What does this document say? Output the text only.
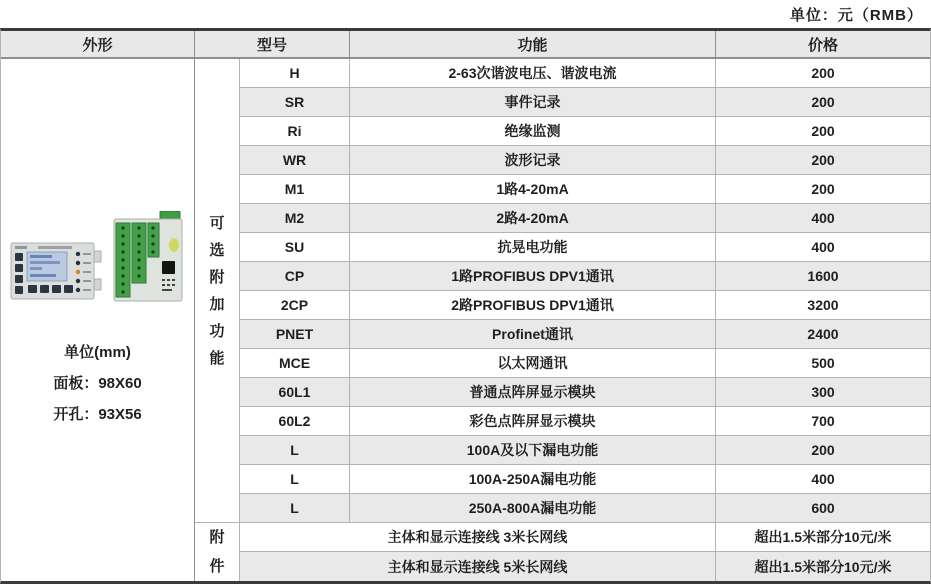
单位：元（RMB）
外形	型号	功能	价格
单位(mm)
面板：98X60
开孔：93X56
可选附加功能
附件
H	2-63次谐波电压、谐波电流	200
SR	事件记录	200
Ri	绝缘监测	200
WR	波形记录	200
M1	1路4-20mA	200
M2	2路4-20mA	400
SU	抗晃电功能	400
CP	1路PROFIBUS DPV1通讯	1600
2CP	2路PROFIBUS DPV1通讯	3200
PNET	Profinet通讯	2400
MCE	以太网通讯	500
60L1	普通点阵屏显示模块	300
60L2	彩色点阵屏显示模块	700
L	100A及以下漏电功能	200
L	100A-250A漏电功能	400
L	250A-800A漏电功能	600
主体和显示连接线 3米长网线	超出1.5米部分10元/米
主体和显示连接线 5米长网线	超出1.5米部分10元/米
